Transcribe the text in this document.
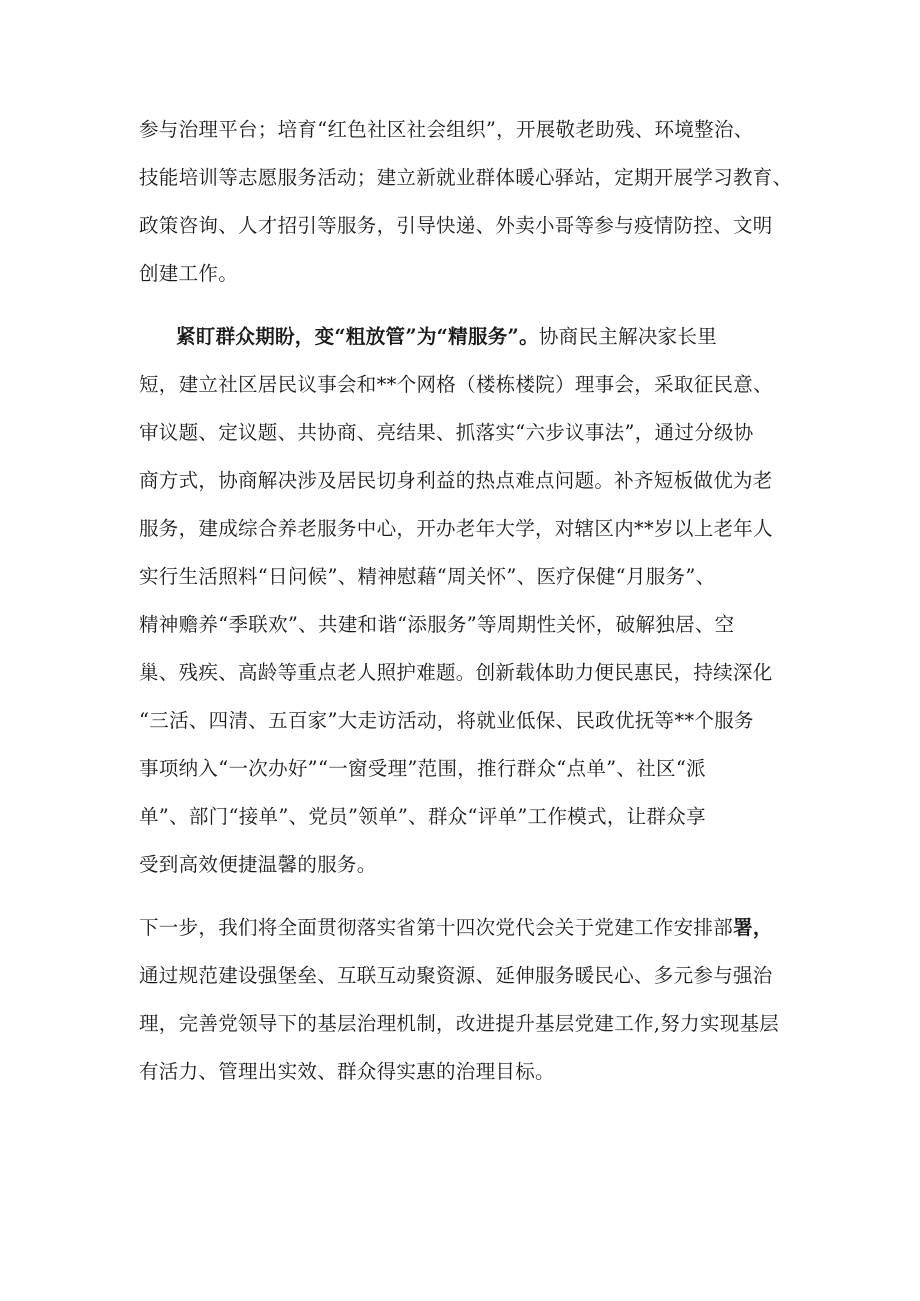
参与治理平台；培育“红色社区社会组织”，开展敬老助残、环境整治、
技能培训等志愿服务活动；建立新就业群体暖心驿站，定期开展学习教育、
政策咨询、人才招引等服务，引导快递、外卖小哥等参与疫情防控、文明
创建工作。
紧盯群众期盼，变“粗放管”为“精服务”。协商民主解决家长里
短，建立社区居民议事会和**个网格（楼栋楼院）理事会，采取征民意、
审议题、定议题、共协商、亮结果、抓落实“六步议事法”，通过分级协
商方式，协商解决涉及居民切身利益的热点难点问题。补齐短板做优为老
服务，建成综合养老服务中心，开办老年大学，对辖区内**岁以上老年人
实行生活照料“日问候”、精神慰藉“周关怀”、医疗保健“月服务”、
精神赡养“季联欢”、共建和谐“添服务”等周期性关怀，破解独居、空
巢、残疾、高龄等重点老人照护难题。创新载体助力便民惠民，持续深化
“三活、四清、五百家”大走访活动，将就业低保、民政优抚等**个服务
事项纳入“一次办好”“一窗受理”范围，推行群众“点单”、社区“派
单”、部门“接单”、党员”领单”、群众“评单”工作模式，让群众享
受到高效便捷温馨的服务。
下一步，我们将全面贯彻落实省第十四次党代会关于党建工作安排部署，
通过规范建设强堡垒、互联互动聚资源、延伸服务暖民心、多元参与强治
理，完善党领导下的基层治理机制，改进提升基层党建工作,努力实现基层
有活力、管理出实效、群众得实惠的治理目标。
